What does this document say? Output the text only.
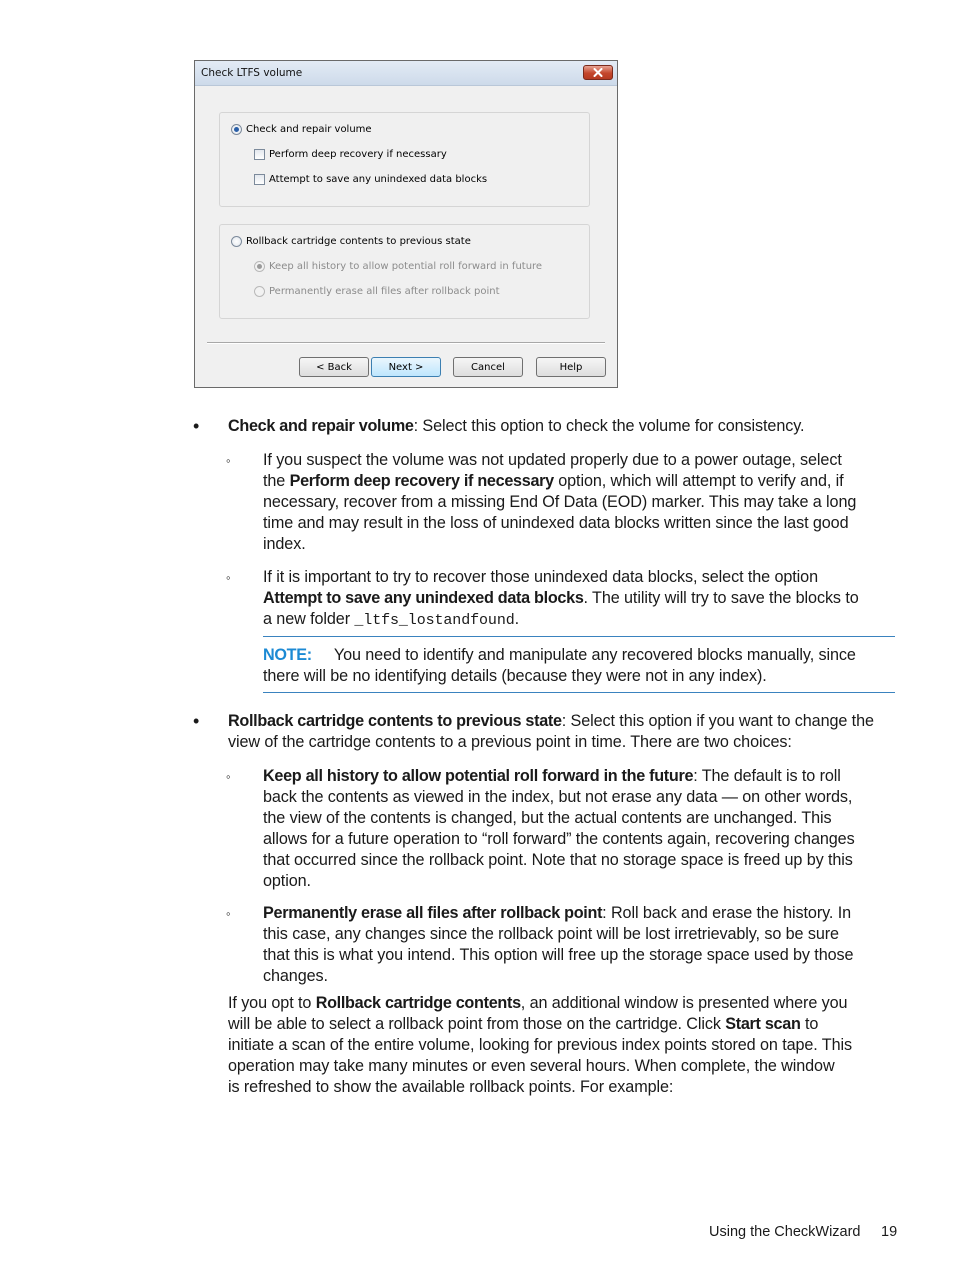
Check LTFS volume
Check and repair volume
Perform deep recovery if necessary
Attempt to save any unindexed data blocks
Rollback cartridge contents to previous state
Keep all history to allow potential roll forward in future
Permanently erase all files after rollback point
< Back	Next >	Cancel	Help
• Check and repair volume: Select this option to check the volume for consistency.

◦ If you suspect the volume was not updated properly due to a power outage, select
the Perform deep recovery if necessary option, which will attempt to verify and, if
necessary, recover from a missing End Of Data (EOD) marker. This may take a long
time and may result in the loss of unindexed data blocks written since the last good
index.
◦ If it is important to try to recover those unindexed data blocks, select the option
Attempt to save any unindexed data blocks. The utility will try to save the blocks to
a new folder _ltfs_lostandfound.
NOTE: You need to identify and manipulate any recovered blocks manually, since
there will be no identifying details (because they were not in any index).
• Rollback cartridge contents to previous state: Select this option if you want to change the
view of the cartridge contents to a previous point in time. There are two choices:
◦ Keep all history to allow potential roll forward in the future: The default is to roll
back the contents as viewed in the index, but not erase any data — on other words,
the view of the contents is changed, but the actual contents are unchanged. This
allows for a future operation to “roll forward” the contents again, recovering changes
that occurred since the rollback point. Note that no storage space is freed up by this
option.
◦ Permanently erase all files after rollback point: Roll back and erase the history. In
this case, any changes since the rollback point will be lost irretrievably, so be sure
that this is what you intend. This option will free up the storage space used by those
changes.
If you opt to Rollback cartridge contents, an additional window is presented where you
will be able to select a rollback point from those on the cartridge. Click Start scan to
initiate a scan of the entire volume, looking for previous index points stored on tape. This
operation may take many minutes or even several hours. When complete, the window
is refreshed to show the available rollback points. For example:
Using the CheckWizard 19
